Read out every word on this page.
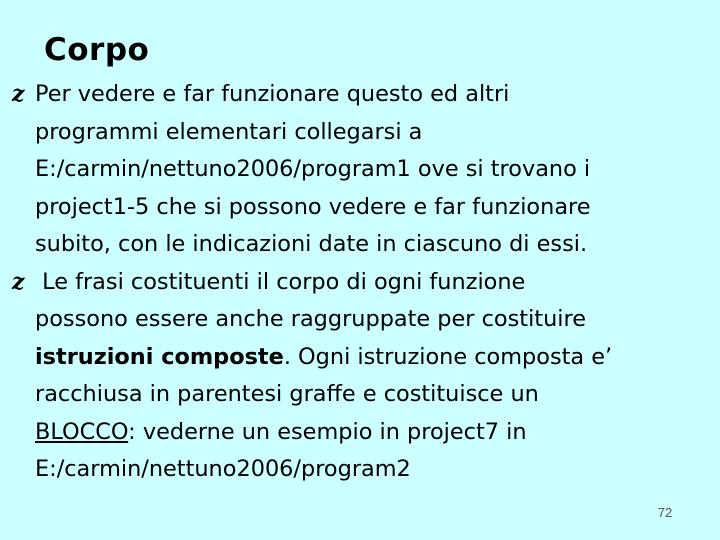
Corpo
z Per vedere e far funzionare questo ed altri
programmi elementari collegarsi a
E:/carmin/nettuno2006/program1 ove si trovano i
project1-5 che si possono vedere e far funzionare
subito, con le indicazioni date in ciascuno di essi.
z Le frasi costituenti il corpo di ogni funzione
possono essere anche raggruppate per costituire
istruzioni composte. Ogni istruzione composta e’
racchiusa in parentesi graffe e costituisce un
BLOCCO: vederne un esempio in project7 in
E:/carmin/nettuno2006/program2
72
